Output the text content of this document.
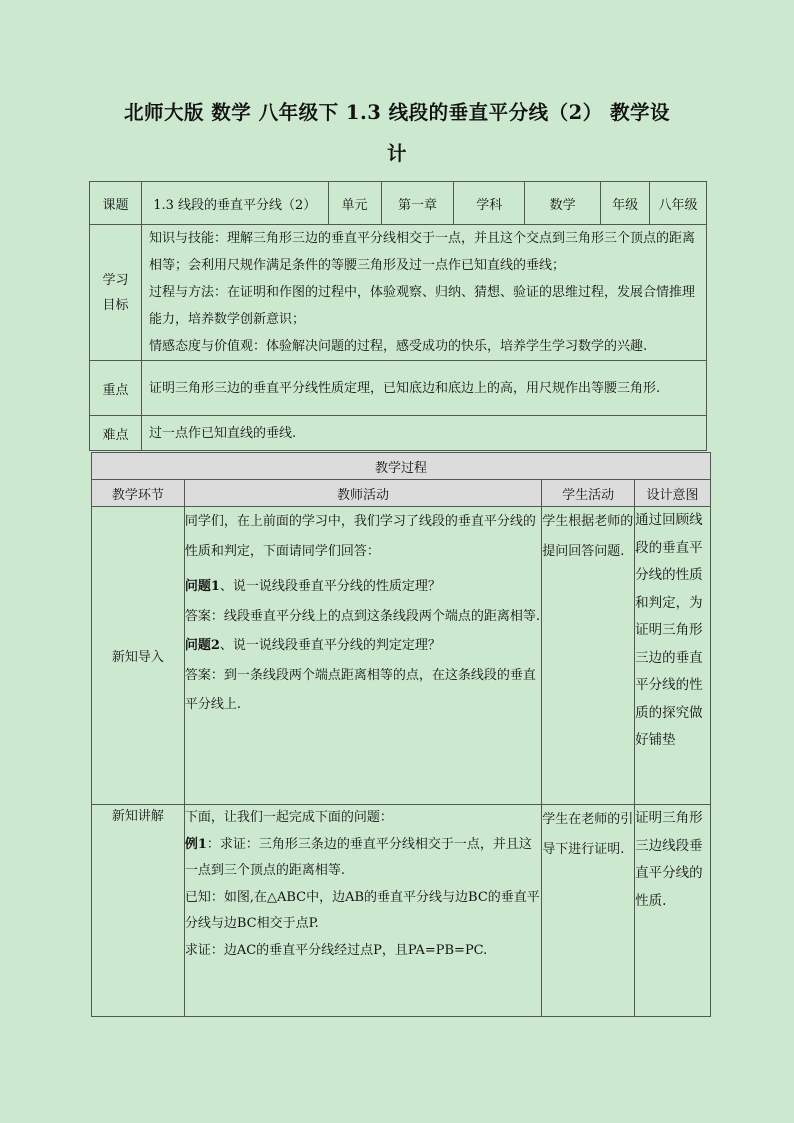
北师大版 数学 八年级下 1.3 线段的垂直平分线（2） 教学设
计
课题	1.3 线段的垂直平分线（2）	单元	第一章	学科	数学	年级	八年级

学习目标	知识与技能：理解三角形三边的垂直平分线相交于一点，并且这个交点到三角形三个顶点的距离相等；会利用尺规作满足条件的等腰三角形及过一点作已知直线的垂线；
过程与方法：在证明和作图的过程中，体验观察、归纳、猜想、验证的思维过程，发展合情推理能力，培养数学创新意识；
情感态度与价值观：体验解决问题的过程，感受成功的快乐，培养学生学习数学的兴趣.						

重点	证明三角形三边的垂直平分线性质定理，已知底边和底边上的高，用尺规作出等腰三角形.						
难点	过一点作已知直线的垂线.						
教学过程			
教学环节	教师活动	学生活动	设计意图
新知导入	同学们，在上前面的学习中，我们学习了线段的垂直平分线的性质和判定，下面请同学们回答：

问题1、说一说线段垂直平分线的性质定理？

答案：线段垂直平分线上的点到这条线段两个端点的距离相等.

问题2、说一说线段垂直平分线的判定定理？

答案：到一条线段两个端点距离相等的点，在这条线段的垂直平分线上.	学生根据老师的提问回答问题.	通过回顾线段的垂直平分线的性质和判定，为证明三角形三边的垂直平分线的性质的探究做好铺垫
新知讲解	下面，让我们一起完成下面的问题：

例1：求证：三角形三条边的垂直平分线相交于一点，并且这一点到三个顶点的距离相等.

已知：如图,在△ABC中，边AB的垂直平分线与边BC的垂直平分线与边BC相交于点P.

求证：边AC的垂直平分线经过点P，且PA=PB=PC.	学生在老师的引导下进行证明.	证明三角形三边线段垂直平分线的性质.
